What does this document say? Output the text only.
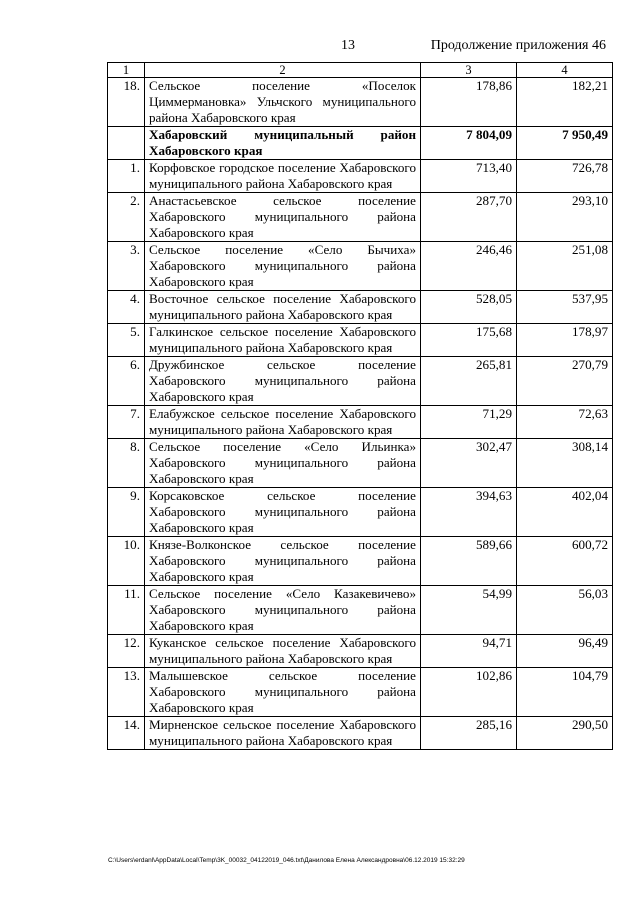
13	Продолжение приложения 46
1	2	3	4
18.	Сельское поселение «Поселок Циммермановка» Ульчского муниципального района Хабаровского края	178,86	182,21
	Хабаровский муниципальный район Хабаровского края	7 804,09	7 950,49
1.	Корфовское городское поселение Хабаровского муниципального района Хабаровского края	713,40	726,78
2.	Анастасьевское сельское поселение Хабаровского муниципального района Хабаровского края	287,70	293,10
3.	Сельское поселение «Село Бычиха» Хабаровского муниципального района Хабаровского края	246,46	251,08
4.	Восточное сельское поселение Хабаровского муниципального района Хабаровского края	528,05	537,95
5.	Галкинское сельское поселение Хабаровского муниципального района Хабаровского края	175,68	178,97
6.	Дружбинское сельское поселение Хабаровского муниципального района Хабаровского края	265,81	270,79
7.	Елабужское сельское поселение Хабаровского муниципального района Хабаровского края	71,29	72,63
8.	Сельское поселение «Село Ильинка» Хабаровского муниципального района Хабаровского края	302,47	308,14
9.	Корсаковское сельское поселение Хабаровского муниципального района Хабаровского края	394,63	402,04
10.	Князе-Волконское сельское поселение Хабаровского муниципального района Хабаровского края	589,66	600,72
11.	Сельское поселение «Село Казакевичево» Хабаровского муниципального района Хабаровского края	54,99	56,03
12.	Куканское сельское поселение Хабаровского муниципального района Хабаровского края	94,71	96,49
13.	Малышевское сельское поселение Хабаровского муниципального района Хабаровского края	102,86	104,79
14.	Мирненское сельское поселение Хабаровского муниципального района Хабаровского края	285,16	290,50
C:\Users\erdanl\AppData\Local\Temp\3K_00032_04122019_046.txt\Данилова Елена Александровна\06.12.2019 15:32:29
